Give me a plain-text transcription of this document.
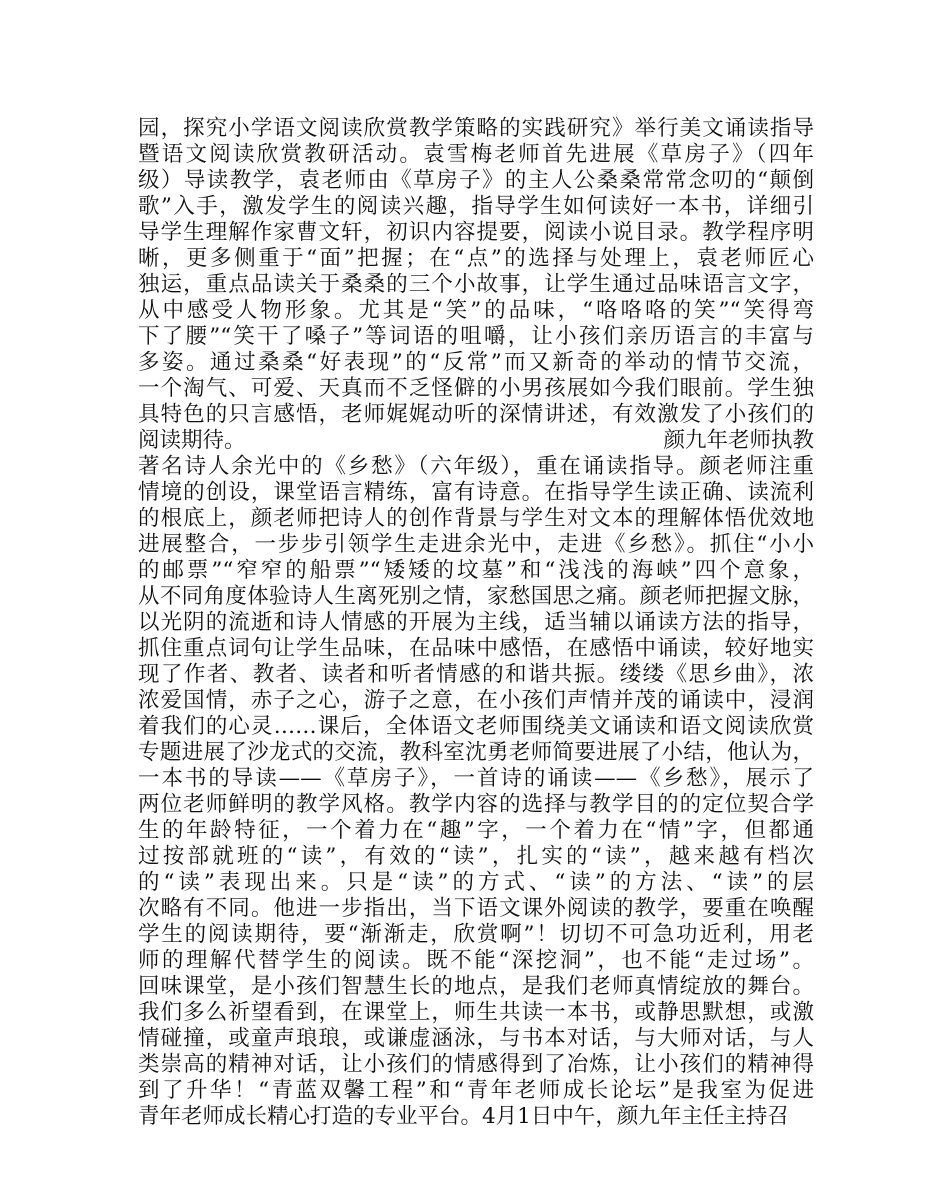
园，探究小学语文阅读欣赏教学策略的实践研究》举行美文诵读指导
暨语文阅读欣赏教研活动。袁雪梅老师首先进展《草房子》（四年
级）导读教学，袁老师由《草房子》的主人公桑桑常常念叨的“颠倒
歌”入手，激发学生的阅读兴趣，指导学生如何读好一本书，详细引
导学生理解作家曹文轩，初识内容提要，阅读小说目录。教学程序明
晰，更多侧重于“面”把握；在“点”的选择与处理上，袁老师匠心
独运，重点品读关于桑桑的三个小故事，让学生通过品味语言文字，
从中感受人物形象。尤其是“笑”的品味，“咯咯咯的笑”“笑得弯
下了腰”“笑干了嗓子”等词语的咀嚼，让小孩们亲历语言的丰富与
多姿。通过桑桑“好表现”的“反常”而又新奇的举动的情节交流，
一个淘气、可爱、天真而不乏怪僻的小男孩展如今我们眼前。学生独
具特色的只言感悟，老师娓娓动听的深情讲述，有效激发了小孩们的
阅读期待。	颜九年老师执教
著名诗人余光中的《乡愁》（六年级），重在诵读指导。颜老师注重
情境的创设，课堂语言精练，富有诗意。在指导学生读正确、读流利
的根底上，颜老师把诗人的创作背景与学生对文本的理解体悟优效地
进展整合，一步步引领学生走进余光中，走进《乡愁》。抓住“小小
的邮票”“窄窄的船票”“矮矮的坟墓”和“浅浅的海峡”四个意象，
从不同角度体验诗人生离死别之情，家愁国思之痛。颜老师把握文脉，
以光阴的流逝和诗人情感的开展为主线，适当辅以诵读方法的指导，
抓住重点词句让学生品味，在品味中感悟，在感悟中诵读，较好地实
现了作者、教者、读者和听者情感的和谐共振。缕缕《思乡曲》，浓
浓爱国情，赤子之心，游子之意，在小孩们声情并茂的诵读中，浸润
着我们的心灵……课后，全体语文老师围绕美文诵读和语文阅读欣赏
专题进展了沙龙式的交流，教科室沈勇老师简要进展了小结，他认为，
一本书的导读——《草房子》，一首诗的诵读——《乡愁》，展示了
两位老师鲜明的教学风格。教学内容的选择与教学目的的定位契合学
生的年龄特征，一个着力在“趣”字，一个着力在“情”字，但都通
过按部就班的“读”，有效的“读”，扎实的“读”，越来越有档次
的“读”表现出来。只是“读”的方式、“读”的方法、“读”的层
次略有不同。他进一步指出，当下语文课外阅读的教学，要重在唤醒
学生的阅读期待，要“渐渐走，欣赏啊”！切切不可急功近利，用老
师的理解代替学生的阅读。既不能“深挖洞”，也不能“走过场”。
回味课堂，是小孩们智慧生长的地点，是我们老师真情绽放的舞台。
我们多么祈望看到，在课堂上，师生共读一本书，或静思默想，或激
情碰撞，或童声琅琅，或谦虚涵泳，与书本对话，与大师对话，与人
类崇高的精神对话，让小孩们的情感得到了冶炼，让小孩们的精神得
到了升华！“青蓝双馨工程”和“青年老师成长论坛”是我室为促进
青年老师成长精心打造的专业平台。4月1日中午，颜九年主任主持召
